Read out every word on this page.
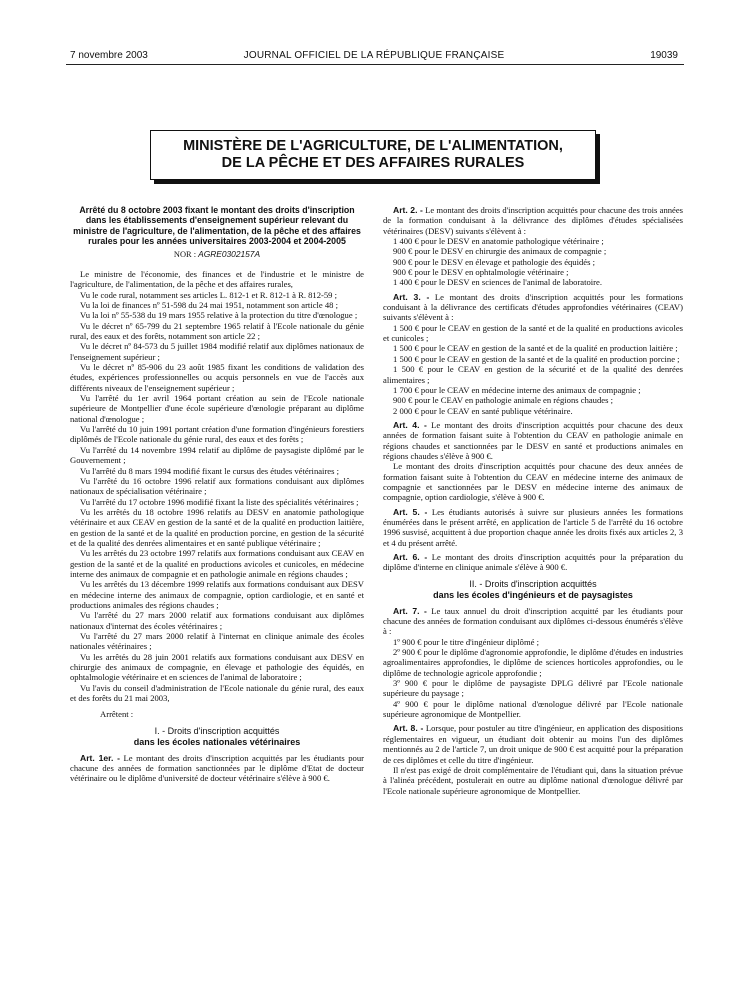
7 novembre 2003	JOURNAL OFFICIEL DE LA RÉPUBLIQUE FRANÇAISE	19039
MINISTÈRE DE L'AGRICULTURE, DE L'ALIMENTATION,
DE LA PÊCHE ET DES AFFAIRES RURALES
Arrêté du 8 octobre 2003 fixant le montant des droits d'inscription dans les établissements d'enseignement supérieur relevant du ministre de l'agriculture, de l'alimentation, de la pêche et des affaires rurales pour les années universitaires 2003-2004 et 2004-2005
NOR : AGRE0302157A

Le ministre de l'économie, des finances et de l'industrie et le ministre de l'agriculture, de l'alimentation, de la pêche et des affaires rurales,

Vu le code rural, notamment ses articles L. 812-1 et R. 812-1 à R. 812-59 ;

Vu la loi de finances nº 51-598 du 24 mai 1951, notamment son article 48 ;

Vu la loi nº 55-538 du 19 mars 1955 relative à la protection du titre d'œnologue ;

Vu le décret nº 65-799 du 21 septembre 1965 relatif à l'Ecole nationale du génie rural, des eaux et des forêts, notamment son article 22 ;

Vu le décret nº 84-573 du 5 juillet 1984 modifié relatif aux diplômes nationaux de l'enseignement supérieur ;

Vu le décret nº 85-906 du 23 août 1985 fixant les conditions de validation des études, expériences professionnelles ou acquis personnels en vue de l'accès aux différents niveaux de l'enseignement supérieur ;

Vu l'arrêté du 1er avril 1964 portant création au sein de l'Ecole nationale supérieure de Montpellier d'une école supérieure d'œnologie préparant au diplôme national d'œnologue ;

Vu l'arrêté du 10 juin 1991 portant création d'une formation d'ingénieurs forestiers diplômés de l'Ecole nationale du génie rural, des eaux et des forêts ;

Vu l'arrêté du 14 novembre 1994 relatif au diplôme de paysagiste diplômé par le Gouvernement ;

Vu l'arrêté du 8 mars 1994 modifié fixant le cursus des études vétérinaires ;

Vu l'arrêté du 16 octobre 1996 relatif aux formations conduisant aux diplômes nationaux de spécialisation vétérinaire ;

Vu l'arrêté du 17 octobre 1996 modifié fixant la liste des spécialités vétérinaires ;

Vu les arrêtés du 18 octobre 1996 relatifs au DESV en anatomie pathologique vétérinaire et aux CEAV en gestion de la santé et de la qualité en production laitière, en gestion de la santé et de la qualité en production porcine, en gestion de la sécurité et de la qualité des denrées alimentaires et en santé publique vétérinaire ;

Vu les arrêtés du 23 octobre 1997 relatifs aux formations conduisant aux CEAV en gestion de la santé et de la qualité en productions avicoles et cunicoles, en médecine interne des animaux de compagnie et en pathologie animale en régions chaudes ;

Vu les arrêtés du 13 décembre 1999 relatifs aux formations conduisant aux DESV en médecine interne des animaux de compagnie, option cardiologie, et en santé et productions animales des régions chaudes ;

Vu l'arrêté du 27 mars 2000 relatif aux formations conduisant aux diplômes nationaux d'internat des écoles vétérinaires ;

Vu l'arrêté du 27 mars 2000 relatif à l'internat en clinique animale des écoles nationales vétérinaires ;

Vu les arrêtés du 28 juin 2001 relatifs aux formations conduisant aux DESV en chirurgie des animaux de compagnie, en élevage et pathologie des équidés, en ophtalmologie vétérinaire et en sciences de l'animal de laboratoire ;

Vu l'avis du conseil d'administration de l'Ecole nationale du génie rural, des eaux et des forêts du 21 mai 2003,

Arrêtent :

I. - Droits d'inscription acquittés
dans les écoles nationales vétérinaires

Art. 1er. - Le montant des droits d'inscription acquittés par les étudiants pour chacune des années de formation sanctionnées par le diplôme d'Etat de docteur vétérinaire ou le diplôme d'université de docteur vétérinaire s'élève à 900 €.

Art. 2. - Le montant des droits d'inscription acquittés pour chacune des trois années de la formation conduisant à la délivrance des diplômes d'études spécialisées vétérinaires (DESV) suivants s'élèvent à :

1 400 € pour le DESV en anatomie pathologique vétérinaire ;

900 € pour le DESV en chirurgie des animaux de compagnie ;

900 € pour le DESV en élevage et pathologie des équidés ;

900 € pour le DESV en ophtalmologie vétérinaire ;

1 400 € pour le DESV en sciences de l'animal de laboratoire.

Art. 3. - Le montant des droits d'inscription acquittés pour les formations conduisant à la délivrance des certificats d'études approfondies vétérinaires (CEAV) suivants s'élèvent à :

1 500 € pour le CEAV en gestion de la santé et de la qualité en productions avicoles et cunicoles ;

1 500 € pour le CEAV en gestion de la santé et de la qualité en production laitière ;

1 500 € pour le CEAV en gestion de la santé et de la qualité en production porcine ;

1 500 € pour le CEAV en gestion de la sécurité et de la qualité des denrées alimentaires ;

1 700 € pour le CEAV en médecine interne des animaux de compagnie ;

900 € pour le CEAV en pathologie animale en régions chaudes ;

2 000 € pour le CEAV en santé publique vétérinaire.

Art. 4. - Le montant des droits d'inscription acquittés pour chacune des deux années de formation faisant suite à l'obtention du CEAV en pathologie animale en régions chaudes et sanctionnées par le DESV en santé et productions animales en régions chaudes s'élève à 900 €.

Le montant des droits d'inscription acquittés pour chacune des deux années de formation faisant suite à l'obtention du CEAV en médecine interne des animaux de compagnie et sanctionnées par le DESV en médecine interne des animaux de compagnie, option cardiologie, s'élève à 900 €.

Art. 5. - Les étudiants autorisés à suivre sur plusieurs années les formations énumérées dans le présent arrêté, en application de l'article 5 de l'arrêté du 16 octobre 1996 susvisé, acquittent à due proportion chaque année les droits fixés aux articles 2, 3 et 4 du présent arrêté.

Art. 6. - Le montant des droits d'inscription acquittés pour la préparation du diplôme d'interne en clinique animale s'élève à 900 €.

II. - Droits d'inscription acquittés
dans les écoles d'ingénieurs et de paysagistes

Art. 7. - Le taux annuel du droit d'inscription acquitté par les étudiants pour chacune des années de formation conduisant aux diplômes ci-dessous énumérés s'élève à :

1º 900 € pour le titre d'ingénieur diplômé ;

2º 900 € pour le diplôme d'agronomie approfondie, le diplôme d'études en industries agroalimentaires approfondies, le diplôme de sciences horticoles approfondies, ou le diplôme de technologie agricole approfondie ;

3º 900 € pour le diplôme de paysagiste DPLG délivré par l'Ecole nationale supérieure du paysage ;

4º 900 € pour le diplôme national d'œnologue délivré par l'Ecole nationale supérieure agronomique de Montpellier.

Art. 8. - Lorsque, pour postuler au titre d'ingénieur, en application des dispositions réglementaires en vigueur, un étudiant doit obtenir au moins l'un des diplômes mentionnés au 2 de l'article 7, un droit unique de 900 € est acquitté pour la préparation de ces diplômes et celle du titre d'ingénieur.

Il n'est pas exigé de droit complémentaire de l'étudiant qui, dans la situation prévue à l'alinéa précédent, postulerait en outre au diplôme national d'œnologue délivré par l'Ecole nationale supérieure agronomique de Montpellier.
